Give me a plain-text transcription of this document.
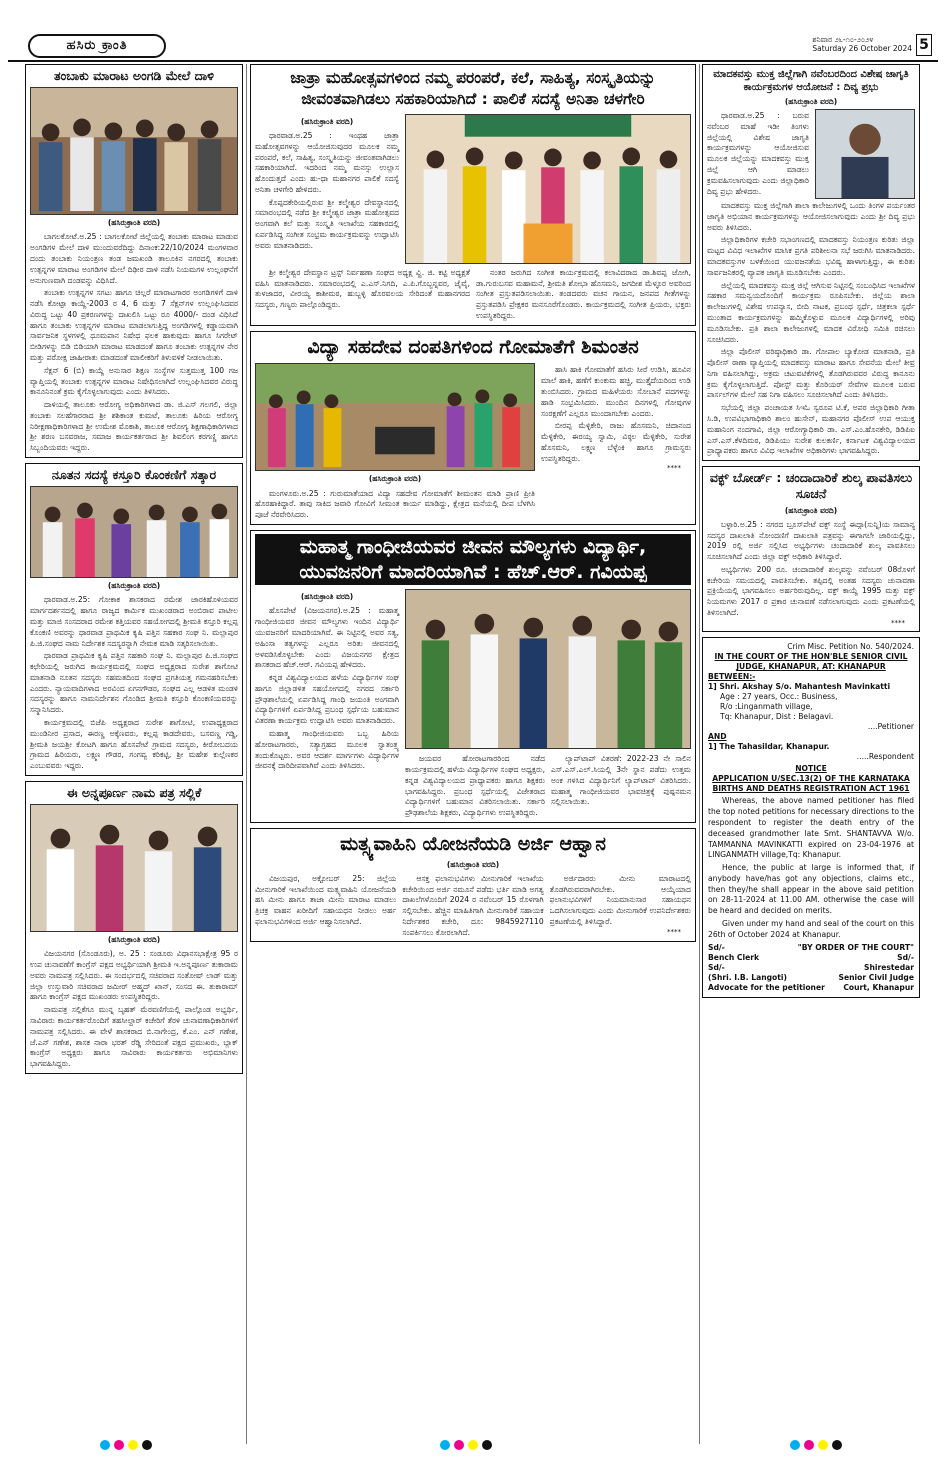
ಹಸಿರು ಕ್ರಾಂತಿ	ಶನಿವಾರ ೨೬-೧೦-೨೦೨೪
Saturday 26 October 2024 5
ತಂಬಾಕು ಮಾರಾಟ ಅಂಗಡಿ ಮೇಲೆ ದಾಳಿ
(ಹಸಿರುಕ್ರಾಂತಿ ವರದಿ)

ಬಾಗಲಕೋಟೆ.ಅ.25 : ಬಾಗಲಕೋಟೆ ಜಿಲ್ಲೆಯಲ್ಲಿ ತಂಬಾಕು ಮಾರಾಟ ಮಾಡುವ ಅಂಗಡಿಗಳ ಮೇಲೆ ದಾಳಿ ಮುಂದುವರೆದಿದ್ದು ದಿನಾಂಕ:22/10/2024 ಮಂಗಳವಾರ ದಂದು ತಂಬಾಕು ನಿಯಂತ್ರಣ ತಂಡ ಜಮಖಂಡಿ ತಾಲೂಕಿನ ನಗರದಲ್ಲಿ ತಂಬಾಕು ಉತ್ಪನ್ನಗಳ ಮಾರಾಟ ಅಂಗಡಿಗಳ ಮೇಲೆ ದಿಢೀರ ದಾಳಿ ನಡೆಸಿ ನಿಯಮಗಳ ಉಲ್ಲಂಘನೆಗೆ ಅನುಗುಣವಾಗಿ ದಂಡವನ್ನು ವಿಧಿಸಿದೆ.

ತಂಬಾಕು ಉತ್ಪನ್ನಗಳ ಸಗಟು ಹಾಗೂ ಚಿಲ್ಲರೆ ಮಾರಾಟಗಾರರ ಅಂಗಡಿಗಳಿಗೆ ದಾಳಿ ನಡೆಸಿ ಕೋಟ್ಪಾ ಕಾಯ್ದೆ-2003 ರ 4, 6 ಮತ್ತು 7 ಸೆಕ್ಷನ್‌ಗಳ ಉಲ್ಲಂಘಿಸಿದವರ ವಿರುದ್ಧ ಒಟ್ಟು 40 ಪ್ರಕರಣಗಳನ್ನು ದಾಖಲಿಸಿ ಒಟ್ಟು ರೂ 4000/- ದಂಡ ವಿಧಿಸಿದೆ ಹಾಗೂ ತಂಬಾಕು ಉತ್ಪನ್ನಗಳ ಮಾರಾಟ ಮಾಡಲಾಗುತ್ತಿದ್ದ ಅಂಗಡಿಗಳಲ್ಲಿ ಕಡ್ಡಾಯವಾಗಿ ಸಾರ್ವಜನಿಕ ಸ್ಥಳಗಳಲ್ಲಿ ಧೂಮಪಾನ ನಿಷೇಧ ಫಲಕ ಹಾಕುವುದು ಹಾಗೂ ಸಿಗರೇಟ್ ಬೀಡಿಗಳನ್ನು ಬಿಡಿ ಬಿಡಿಯಾಗಿ ಮಾರಾಟ ಮಾಡದಂತೆ ಹಾಗೂ ತಂಬಾಕು ಉತ್ಪನ್ನಗಳ ನೇರ ಮತ್ತು ಪರೋಕ್ಷ ಜಾಹೀರಾತು ಮಾಡದಂತೆ ಮಾಲೀಕರಿಗೆ ತಿಳುವಳಿಕೆ ನೀಡಲಾಯಿತು.

ಸೆಕ್ಷನ್ 6 (ಬಿ) ಕಾಯ್ದೆ ಅನುಸಾರ ಶಿಕ್ಷಣ ಸಂಸ್ಥೆಗಳ ಸುತ್ತಮುತ್ತ 100 ಗಜ ವ್ಯಾಪ್ತಿಯಲ್ಲಿ ತಂಬಾಕು ಉತ್ಪನ್ನಗಳ ಮಾರಾಟ ನಿಷೇಧಿಸಲಾಗಿದೆ ಉಲ್ಲಂಘಿಸಿದವರ ವಿರುದ್ಧ ಕಾನೂನಿನಂತೆ ಕ್ರಮ ಕೈಗೊಳ್ಳಲಾಗುವುದು ಎಂದು ತಿಳಿಸಿದರು.

ದಾಳಿಯಲ್ಲಿ ತಾಲೂಕು ಆರೋಗ್ಯ ಅಧಿಕಾರಿಗಳಾದ ಡಾ. ಜಿ.ಎಸ್ ಗಲಗಲಿ, ಜಿಲ್ಲಾ ತಂಬಾಕು ಸಲಹೆಗಾರರಾದ ಶ್ರೀ ಶಶಿಕಾಂತ ಕುಮಟೆ, ತಾಲೂಕು ಹಿರಿಯ ಆರೋಗ್ಯ ನಿರೀಕ್ಷಣಾಧಿಕಾರಿಗಳಾದ ಶ್ರೀ ಉಮೇಶ ಮೊಕಾಶಿ, ತಾಲೂಕ ಆರೋಗ್ಯ ಶಿಕ್ಷಣಾಧಿಕಾರಿಗಳಾದ ಶ್ರೀ ಶರಣ ಬಸವರಾಜ, ಸಮಾಜ ಕಾರ್ಯಕರ್ತರಾದ ಶ್ರೀ ಶಿವಲಿಂಗ ಕರಗಣ್ಣಿ ಹಾಗೂ ಸಿಬ್ಬಂದಿಯವರು ಇದ್ದರು.

ನೂತನ ಸದಸ್ಯೆ ಕಸ್ತೂರಿ ಕೊಂಕಣಿಗೆ ಸತ್ಕಾರ
(ಹಸಿರುಕ್ರಾಂತಿ ವರದಿ)

ಧಾರವಾಡ.ಅ.25: ಗೋಕಾಕ ಶಾಸಕರಾದ ರಮೇಶ ಜಾರಕಿಹೊಳಿಯವರ ಮಾರ್ಗದರ್ಶನದಲ್ಲಿ ಹಾಗೂ ರಾಜ್ಯದ ಕಾರ್ಮಿಕ ಮುಖಂಡರಾದ ಅಂಬಿರಾವ ಪಾಟೀಲ ಮತ್ತು ಮಾಜಿ ಸಂಸದರಾದ ರಮೇಶ ಕತ್ತಿಯವರ ಸಹಯೋಗದಲ್ಲಿ ಶ್ರೀಮತಿ ಕಸ್ತೂರಿ ಕಲ್ಲಪ್ಪ ಕೊಂಕಣಿ ಅವರನ್ನು ಧಾರವಾಡ ಪ್ರಾಥಮಿಕ ಕೃಷಿ ಪತ್ತಿನ ಸಹಕಾರ ಸಂಘ ನಿ. ಮಲ್ಲಾಪುರ ಪಿ.ಜಿ.ಸಂಘದ ನಾಮ ನಿರ್ದೇಶಕ ಸದಸ್ಯರನ್ನಾಗಿ ನೇಮಕ ಮಾಡಿ ಸತ್ಕರಿಸಲಾಯಿತು.

ಧಾರವಾಡ ಪ್ರಾಥಮಿಕ ಕೃಷಿ ಪತ್ತಿನ ಸಹಕಾರಿ ಸಂಘ ನಿ. ಮಲ್ಲಾಪುರ ಪಿ.ಜಿ.ಸಂಘದ ಕಛೇರಿಯಲ್ಲಿ ಜರುಗಿದ ಕಾರ್ಯಕ್ರಮದಲ್ಲಿ ಸಂಘದ ಅಧ್ಯಕ್ಷರಾದ ಸುರೇಶ ಶಾಗೋಟಿ ಮಾತನಾಡಿ ನೂತನ ಸದಸ್ಯರು ಸಹಮತದಿಂದ ಸಂಘದ ಪ್ರಗತಿಯತ್ತ ಗಮನಹರಿಸಬೇಕು ಎಂದರು. ನ್ಯಾಯವಾದಿಗಳಾದ ಅರವಿಂದ ಏಗನಗೌಡರ, ಸಂಘದ ಎಲ್ಲ ಆಡಳಿತ ಮಂಡಳಿ ಸದಸ್ಯರನ್ನು ಹಾಗೂ ನಾಮನಿರ್ದೇಶನ ಗೊಂಡಿದ ಶ್ರೀಮತಿ ಕಸ್ತೂರಿ ಕೊಂಕಣಿಯವರನ್ನು ಸನ್ಮಾನಿಸಿದರು.

ಕಾರ್ಯಕ್ರಮದಲ್ಲಿ ಬಿಜೆಪಿ ಅಧ್ಯಕ್ಷರಾದ ಸುರೇಶ ಶಾಗೋಟಿ, ಉಪಾಧ್ಯಕ್ಷರಾದ ಮುಂಡಿನೀರ ಪ್ರಸಾದ, ಈರಣ್ಣ ಅಕ್ಕೆಣವರು, ಕಲ್ಲಪ್ಪ ಕಾಡದೇವರು, ಬಸವಣ್ಣ ಗಡ್ಡಿ, ಶ್ರೀಮತಿ ಜಯಶ್ರೀ ಕೋಟಗಿ ಹಾಗೂ ಹೊಸಪೇಟೆ ಗ್ರಾಮದ ಸದಸ್ಯರು, ಕೀರೋಬದಯ ಗ್ರಾಮದ ಹಿರಿಯರು, ಲಕ್ಷ್ಮಣ ಗೌಡರ, ಗಂಗವ್ವ ಕರಿಕಟ್ಟಿ, ಶ್ರೀ ಮಹೇಶ ಕುಲ್ಲೆಣಕರ ಎಂಬುವವರು ಇದ್ದರು.

ಈ ಅನ್ನಪೂರ್ಣ ನಾಮ ಪತ್ರ ಸಲ್ಲಿಕೆ
(ಹಸಿರುಕ್ರಾಂತಿ ವರದಿ)

ವಿಜಯನಗರ (ಸೊಂಡೂರು), ಅ. 25 : ಸಂಡೂರು ವಿಧಾನಸಭಾಕ್ಷೇತ್ರ 95 ರ ಉಪ ಚುನಾವಣೆಗೆ ಕಾಂಗ್ರೆಸ್ ಪಕ್ಷದ ಅಭ್ಯರ್ಥಿಯಾಗಿ ಶ್ರೀಮತಿ ಇ.ಅನ್ನಪೂರ್ಣ ತುಕಾರಾಮ ಅವರು ನಾಮಪತ್ರ ಸಲ್ಲಿಸಿದರು. ಈ ಸಂದರ್ಭದಲ್ಲಿ ಸಚಿವರಾದ ಸಂತೋಷ್ ಲಾಡ್ ಮತ್ತು ಜಿಲ್ಲಾ ಉಸ್ತುವಾರಿ ಸಚಿವರಾದ ಜಮೀರ್ ಅಹ್ಮದ್ ಖಾನ್, ಸಂಸದ ಈ. ತುಕಾರಾಮ್ ಹಾಗೂ ಕಾಂಗ್ರೆಸ್ ಪಕ್ಷದ ಮುಖಂಡರು ಉಪಸ್ಥಿತರಿದ್ದರು.

ನಾಮಪತ್ರ ಸಲ್ಲಿಕೆಗೂ ಮುನ್ನ ಬೃಹತ್ ಮೆರವಣಿಗೆಯಲ್ಲಿ ಪಾಲ್ಗೊಂಡ ಅಭ್ಯರ್ಥಿ, ಸಾವಿರಾರು ಕಾರ್ಯಕರ್ತರೊಂದಿಗೆ ತಹಸೀಲ್ದಾರ್ ಕಚೇರಿಗೆ ತೆರಳಿ ಚುನಾವಣಾಧಿಕಾರಿಗಳಿಗೆ ನಾಮಪತ್ರ ಸಲ್ಲಿಸಿದರು. ಈ ವೇಳೆ ಶಾಸಕರಾದ ಬಿ.ನಾಗೇಂದ್ರ, ಕೆ.ಎಂ. ಎನ್ ಗಣೇಶ, ಜೆ.ಎನ್ ಗಣೇಶ, ಶಾಸಕ ನಾರಾ ಭರತ್ ರೆಡ್ಡಿ ಸೇರಿದಂತೆ ಪಕ್ಷದ ಪ್ರಮುಖರು, ಬ್ಲಾಕ್ ಕಾಂಗ್ರೆಸ್ ಅಧ್ಯಕ್ಷರು ಹಾಗೂ ಸಾವಿರಾರು ಕಾರ್ಯಕರ್ತರು ಅಭಿಮಾನಿಗಳು ಭಾಗವಹಿಸಿದ್ದರು.

ಜಾತ್ರಾ ಮಹೋತ್ಸವಗಳಿಂದ ನಮ್ಮ ಪರಂಪರೆ, ಕಲೆ, ಸಾಹಿತ್ಯ, ಸಂಸ್ಕೃತಿಯನ್ನು ಜೀವಂತವಾಗಿಡಲು ಸಹಕಾರಿಯಾಗಿದೆ : ಪಾಲಿಕೆ ಸದಸ್ಯೆ ಅನಿತಾ ಚಳಗೇರಿ
(ಹಸಿರುಕ್ರಾಂತಿ ವರದಿ)

ಧಾರವಾಡ.ಅ.25 : ಇಂಥಹ ಜಾತ್ರಾ ಮಹೋತ್ಸವಗಳನ್ನು ಆಯೋಜಿಸುವುದರ ಮೂಲಕ ನಮ್ಮ ಪರಂಪರೆ, ಕಲೆ, ಸಾಹಿತ್ಯ, ಸಂಸ್ಕೃತಿಯನ್ನು ಜೀವಂತವಾಗಿಡಲು ಸಹಕಾರಿಯಾಗಿದೆ. ಇದರಿಂದ ನಮ್ಮ ಮನಸ್ಸು ಉಲ್ಲಾಸ ಹೊಂದುತ್ತದೆ ಎಂದು ಹು-ಧಾ ಮಹಾನಗರ ಪಾಲಿಕೆ ಸದಸ್ಯೆ ಅನಿತಾ ಚಳಗೇರಿ ಹೇಳಿದರು.

ಕೊಪ್ಪದಕೇರಿಯಲ್ಲಿರುವ ಶ್ರೀ ಕಲ್ಮೇಶ್ವರ ದೇವಸ್ಥಾನದಲ್ಲಿ ಸಮಾರಂಭದಲ್ಲಿ ನಡೆದ ಶ್ರೀ ಕಲ್ಮೇಶ್ವರ ಜಾತ್ರಾ ಮಹೋತ್ಸವದ ಅಂಗವಾಗಿ ಕಲೆ ಮತ್ತು ಸಂಸ್ಕೃತಿ ಇಲಾಖೆಯ ಸಹಕಾರದಲ್ಲಿ ಏರ್ಪಡಿಸಿದ್ದ ಸಂಗೀತ ಸಂಭ್ರಮ ಕಾರ್ಯಕ್ರಮವನ್ನು ಉದ್ಘಾಟಿಸಿ ಅವರು ಮಾತನಾಡಿದರು.

ಶ್ರೀ ಕಲ್ಮೇಶ್ವರ ದೇವಸ್ಥಾನ ಟ್ರಸ್ಟ್ ನಿರ್ವಹಣಾ ಸಂಘದ ಅಧ್ಯಕ್ಷ ವ್ಹಿ. ಜಿ. ಕಟ್ಟಿ ಅಧ್ಯಕ್ಷತೆ ವಹಿಸಿ ಮಾತನಾಡಿದರು. ಸಮಾರಂಭದಲ್ಲಿ ಎ.ಎಸ್.ನಿಗದಿ, ಎ.ಪಿ.ಗೊಬ್ಬನ್ನವರ, ಜೈವೈ, ತುಳಜಾದರ, ವೀರಯ್ಯ ಕಾಶೀಮಠ, ಹುಬ್ಬಳ್ಳಿ ಹೊರವಲಯ ಸೇರಿದಂತೆ ಮಹಾನಗರದ ಸದಸ್ಯರು, ಗಣ್ಯರು ಪಾಲ್ಗೊಂಡಿದ್ದರು.

ನಂತರ ಜರುಗಿದ ಸಂಗೀತ ಕಾರ್ಯಕ್ರಮದಲ್ಲಿ ಕಲಾವಿದರಾದ ಡಾ.ಶಿವಪ್ಪ ಜೋಗಿ, ಡಾ.ಗುರುಬಸವ ಮಹಾಮನೆ, ಶ್ರೀಮತಿ ಶೋಭಾ ಹೊಸಮನಿ, ಜಗದೀಶ ಮೆಳ್ಳೂರ ಅವರಿಂದ ಸಂಗೀತ ಪ್ರಸ್ತುತಪಡಿಸಲಾಯಿತು. ತಂಡದವರು ವಚನ ಗಾಯನ, ಜನಪದ ಗೀತೆಗಳನ್ನು ಪ್ರಸ್ತುತಪಡಿಸಿ ಪ್ರೇಕ್ಷಕರ ಮನಸೂರೆಗೊಂಡರು. ಕಾರ್ಯಕ್ರಮದಲ್ಲಿ ಸಂಗೀತ ಪ್ರಿಯರು, ಭಕ್ತರು ಉಪಸ್ಥಿತರಿದ್ದರು.

ವಿದ್ಯಾ ಸಹದೇವ ದಂಪತಿಗಳಿಂದ ಗೋಮಾತೆಗೆ ಶಿಮಂತನ
(ಹಸಿರುಕ್ರಾಂತಿ ವರದಿ)

ಮಂಗಳೂರು.ಅ.25 : ಗುರುಮಾತೆಯಾದ ವಿದ್ಯಾ ಸಹದೇವ ಗೋಮಾತೆಗೆ ಶೀಮಂತನ ಮಾಡಿ ಪ್ರಾಣಿ ಪ್ರೀತಿ ಹೊರಹಾಕಿದ್ದಾರೆ. ತಾವು ಸಾಕಿದ ಜವಾರಿ ಗೋವಿಗೆ ಸೀಮಂತ ಕಾರ್ಯ ಮಾಡಿದ್ದು, ಕ್ಷೇತ್ರದ ಮನೆಯಲ್ಲಿ ದೀಪ ಬೆಳಗಿಸಿ ಪೂಜೆ ನೆರವೇರಿಸಿದರು.

ಹಾಸಿ ಹಾಕಿ ಗೋಮಾತೆಗೆ ಹಸಿರು ಸೀರೆ ಉಡಿಸಿ, ಹೂವಿನ ಮಾಲೆ ಹಾಕಿ, ಹಣೆಗೆ ಕುಂಕುಮ ಹಚ್ಚಿ, ಮುತ್ತೈದೆಯರಿಂದ ಉಡಿ ತುಂಬಿಸಿದರು. ಗ್ರಾಮದ ಮಹಿಳೆಯರು ಸೋಬಾನೆ ಪದಗಳನ್ನು ಹಾಡಿ ಸಂಭ್ರಮಿಸಿದರು. ಮುಂದಿನ ದಿನಗಳಲ್ಲಿ ಗೋವುಗಳ ಸಂರಕ್ಷಣೆಗೆ ಎಲ್ಲರೂ ಮುಂದಾಗಬೇಕು ಎಂದರು.

ಬೀರಪ್ಪ ಮೆಳ್ಳಿಕೇರಿ, ರಾಜು ಹೊಸಮನಿ, ಚಿದಾನಂದ ಮೆಳ್ಳಿಕೇರಿ, ಈರಯ್ಯ ಸ್ವಾಮಿ, ವಿಠ್ಠಲ ಮೆಳ್ಳಿಕೇರಿ, ಸುರೇಶ ಹೊಸಮನಿ, ಲಕ್ಷ್ಮಣ ಬೆಳ್ಳೆಂಕಿ ಹಾಗೂ ಗ್ರಾಮಸ್ಥರು ಉಪಸ್ಥಿತರಿದ್ದರು.

****
ಮಹಾತ್ಮ ಗಾಂಧೀಜಿಯವರ ಜೀವನ ಮೌಲ್ಯಗಳು ವಿದ್ಯಾರ್ಥಿ, ಯುವಜನರಿಗೆ ಮಾದರಿಯಾಗಿವೆ : ಹೆಚ್.ಆರ್. ಗವಿಯಪ್ಪ
(ಹಸಿರುಕ್ರಾಂತಿ ವರದಿ)

ಹೊಸಪೇಟೆ (ವಿಜಯನಗರ).ಅ.25 : ಮಹಾತ್ಮ ಗಾಂಧೀಜಿಯವರ ಜೀವನ ಮೌಲ್ಯಗಳು ಇಂದಿನ ವಿದ್ಯಾರ್ಥಿ ಯುವಜನರಿಗೆ ಮಾದರಿಯಾಗಿವೆ. ಈ ನಿಟ್ಟಿನಲ್ಲಿ ಅವರ ಸತ್ಯ, ಅಹಿಂಸಾ ತತ್ವಗಳನ್ನು ಎಲ್ಲರೂ ಅರಿತು ಜೀವನದಲ್ಲಿ ಅಳವಡಿಸಿಕೊಳ್ಳಬೇಕು ಎಂದು ವಿಜಯನಗರ ಕ್ಷೇತ್ರದ ಶಾಸಕರಾದ ಹೆಚ್.ಆರ್. ಗವಿಯಪ್ಪ ಹೇಳಿದರು.

ಕನ್ನಡ ವಿಶ್ವವಿದ್ಯಾಲಯದ ಹಳೆಯ ವಿದ್ಯಾರ್ಥಿಗಳ ಸಂಘ ಹಾಗೂ ಜಿಲ್ಲಾಡಳಿತ ಸಹಯೋಗದಲ್ಲಿ ನಗರದ ಸರ್ಕಾರಿ ಪ್ರೌಢಶಾಲೆಯಲ್ಲಿ ಏರ್ಪಡಿಸಿದ್ದ ಗಾಂಧಿ ಜಯಂತಿ ಅಂಗವಾಗಿ ವಿದ್ಯಾರ್ಥಿಗಳಿಗೆ ಏರ್ಪಡಿಸಿದ್ದ ಪ್ರಬಂಧ ಸ್ಪರ್ಧೆಯ ಬಹುಮಾನ ವಿತರಣಾ ಕಾರ್ಯಕ್ರಮ ಉದ್ಘಾಟಿಸಿ ಅವರು ಮಾತನಾಡಿದರು.

ಮಹಾತ್ಮ ಗಾಂಧೀಜಿಯವರು ಒಬ್ಬ ಹಿರಿಯ ಹೋರಾಟಗಾರರು, ಸತ್ಯಾಗ್ರಹದ ಮೂಲಕ ಸ್ವಾತಂತ್ರ್ಯ ತಂದುಕೊಟ್ಟರು. ಅವರ ಆದರ್ಶ ಮಾರ್ಗಗಳು ವಿದ್ಯಾರ್ಥಿಗಳ ಜೀವನಕ್ಕೆ ದಾರಿದೀಪವಾಗಿವೆ ಎಂದು ತಿಳಿಸಿದರು.

ಜಯವರ ಹೋರಾಟಗಾರರಿಂದ ನಡೆದ ಕಾರ್ಯಕ್ರಮದಲ್ಲಿ ಹಳೆಯ ವಿದ್ಯಾರ್ಥಿಗಳ ಸಂಘದ ಅಧ್ಯಕ್ಷರು, ಕನ್ನಡ ವಿಶ್ವವಿದ್ಯಾಲಯದ ಪ್ರಾಧ್ಯಾಪಕರು ಹಾಗೂ ಶಿಕ್ಷಕರು ಭಾಗವಹಿಸಿದ್ದರು. ಪ್ರಬಂಧ ಸ್ಪರ್ಧೆಯಲ್ಲಿ ವಿಜೇತರಾದ ವಿದ್ಯಾರ್ಥಿಗಳಿಗೆ ಬಹುಮಾನ ವಿತರಿಸಲಾಯಿತು. ಸರ್ಕಾರಿ ಪ್ರೌಢಶಾಲೆಯ ಶಿಕ್ಷಕರು, ವಿದ್ಯಾರ್ಥಿಗಳು ಉಪಸ್ಥಿತರಿದ್ದರು.

ಲ್ಯಾಪ್‌ಟಾಪ್ ವಿತರಣೆ: 2022-23 ನೇ ಸಾಲಿನ ಎಸ್.ಎಸ್.ಎಲ್.ಸಿಯಲ್ಲಿ 3ನೇ ಸ್ಥಾನ ಪಡೆದು ಉತ್ತಮ ಅಂಕ ಗಳಿಸಿದ ವಿದ್ಯಾರ್ಥಿನಿಗೆ ಲ್ಯಾಪ್‌ಟಾಪ್ ವಿತರಿಸಿದರು. ಮಹಾತ್ಮ ಗಾಂಧೀಜಿಯವರ ಭಾವಚಿತ್ರಕ್ಕೆ ಪುಷ್ಪನಮನ ಸಲ್ಲಿಸಲಾಯಿತು.

ಮತ್ಸ್ಯವಾಹಿನಿ ಯೋಜನೆಯಡಿ ಅರ್ಜಿ ಆಹ್ವಾನ
(ಹಸಿರುಕ್ರಾಂತಿ ವರದಿ)

ವಿಜಯಪುರ, ಅಕ್ಟೋಬರ್ 25: ಜಿಲ್ಲೆಯ ಮೀನುಗಾರಿಕೆ ಇಲಾಖೆಯಿಂದ ಮತ್ಸ್ಯವಾಹಿನಿ ಯೋಜನೆಯಡಿ ಹಸಿ ಮೀನು ಹಾಗೂ ತಾಜಾ ಮೀನು ಮಾರಾಟ ಮಾಡಲು ತ್ರಿಚಕ್ರ ವಾಹನ ಖರೀದಿಗೆ ಸಹಾಯಧನ ನೀಡಲು ಅರ್ಹ ಫಲಾನುಭವಿಗಳಿಂದ ಅರ್ಜಿ ಆಹ್ವಾನಿಸಲಾಗಿದೆ.

ಆಸಕ್ತ ಫಲಾನುಭವಿಗಳು ಮೀನುಗಾರಿಕೆ ಇಲಾಖೆಯ ಕಚೇರಿಯಿಂದ ಅರ್ಜಿ ನಮೂನೆ ಪಡೆದು ಭರ್ತಿ ಮಾಡಿ ಅಗತ್ಯ ದಾಖಲೆಗಳೊಂದಿಗೆ 2024 ರ ನವೆಂಬರ್ 15 ರೊಳಗಾಗಿ ಸಲ್ಲಿಸಬೇಕು. ಹೆಚ್ಚಿನ ಮಾಹಿತಿಗಾಗಿ ಮೀನುಗಾರಿಕೆ ಸಹಾಯಕ ನಿರ್ದೇಶಕರ ಕಚೇರಿ, ದೂ: 9845927110 ಸಂಪರ್ಕಿಸಲು ಕೋರಲಾಗಿದೆ.

ಅರ್ಜಿದಾರರು ಮೀನು ಮಾರಾಟದಲ್ಲಿ ತೊಡಗಿರುವವರಾಗಿರಬೇಕು. ಆಯ್ಕೆಯಾದ ಫಲಾನುಭವಿಗಳಿಗೆ ನಿಯಮಾನುಸಾರ ಸಹಾಯಧನ ಒದಗಿಸಲಾಗುವುದು ಎಂದು ಮೀನುಗಾರಿಕೆ ಉಪನಿರ್ದೇಶಕರು ಪ್ರಕಟಣೆಯಲ್ಲಿ ತಿಳಿಸಿದ್ದಾರೆ.

****
ಮಾದಕವಸ್ತು ಮುಕ್ತ ಜಿಲ್ಲೆಗಾಗಿ ನವೆಂಬರದಿಂದ ವಿಶೇಷ ಜಾಗೃತಿ ಕಾರ್ಯಕ್ರಮಗಳ ಆಯೋಜನೆ : ದಿವ್ಯ ಪ್ರಭು
(ಹಸಿರುಕ್ರಾಂತಿ ವರದಿ)

ಧಾರವಾಡ.ಅ.25 : ಬರುವ ನವೆಂಬರ ಮಾಹೆ ಇಡೀ ತಿಂಗಳು ಜಿಲ್ಲೆಯಲ್ಲಿ ವಿಶೇಷ ಜಾಗೃತಿ ಕಾರ್ಯಕ್ರಮಗಳನ್ನು ಆಯೋಜಿಸುವ ಮೂಲಕ ಜಿಲ್ಲೆಯನ್ನು ಮಾದಕವಸ್ತು ಮುಕ್ತ ಜಿಲ್ಲೆ ಆಗಿ ಮಾಡಲು ಕ್ರಮವಹಿಸಲಾಗುವುದು ಎಂದು ಜಿಲ್ಲಾಧಿಕಾರಿ ದಿವ್ಯ ಪ್ರಭು ಹೇಳಿದರು.

ಮಾದಕವಸ್ತು ಮುಕ್ತ ಜಿಲ್ಲೆಗಾಗಿ ಶಾಲಾ ಕಾಲೇಜುಗಳಲ್ಲಿ ಒಂದು ತಿಂಗಳ ಪರ್ಯಂತರ ಜಾಗೃತಿ ಅಭಿಯಾನ ಕಾರ್ಯಕ್ರಮಗಳನ್ನು ಆಯೋಜಿಸಲಾಗುವುದು ಎಂದು ಶ್ರೀ ದಿವ್ಯ ಪ್ರಭು ಅವರು ತಿಳಿಸಿದರು.

ಜಿಲ್ಲಾಧಿಕಾರಿಗಳ ಕಚೇರಿ ಸಭಾಂಗಣದಲ್ಲಿ ಮಾದಕವಸ್ತು ನಿಯಂತ್ರಣ ಕುರಿತು ಜಿಲ್ಲಾ ಮಟ್ಟದ ವಿವಿಧ ಇಲಾಖೆಗಳ ಮಾಸಿಕ ಪ್ರಗತಿ ಪರಿಶೀಲನಾ ಸಭೆ ಜರುಗಿಸಿ ಮಾತನಾಡಿದರು. ಮಾದಕವಸ್ತುಗಳ ಬಳಕೆಯಿಂದ ಯುವಜನತೆಯ ಭವಿಷ್ಯ ಹಾಳಾಗುತ್ತಿದ್ದು, ಈ ಕುರಿತು ಸಾರ್ವಜನಿಕರಲ್ಲಿ ವ್ಯಾಪಕ ಜಾಗೃತಿ ಮೂಡಿಸಬೇಕು ಎಂದರು.

ಜಿಲ್ಲೆಯಲ್ಲಿ ಮಾದಕವಸ್ತು ಮುಕ್ತ ಜಿಲ್ಲೆ ಆಗಿಸುವ ನಿಟ್ಟಿನಲ್ಲಿ ಸಂಬಂಧಿಸಿದ ಇಲಾಖೆಗಳ ಸಹಕಾರ ಸಮನ್ವಯದೊಂದಿಗೆ ಕಾರ್ಯಕ್ರಮ ರೂಪಿಸಬೇಕು. ಜಿಲ್ಲೆಯ ಶಾಲಾ ಕಾಲೇಜುಗಳಲ್ಲಿ ವಿಶೇಷ ಉಪನ್ಯಾಸ, ಬೀದಿ ನಾಟಕ, ಪ್ರಬಂಧ ಸ್ಪರ್ಧೆ, ಚಿತ್ರಕಲಾ ಸ್ಪರ್ಧೆ ಮುಂತಾದ ಕಾರ್ಯಕ್ರಮಗಳನ್ನು ಹಮ್ಮಿಕೊಳ್ಳುವ ಮೂಲಕ ವಿದ್ಯಾರ್ಥಿಗಳಲ್ಲಿ ಅರಿವು ಮೂಡಿಸಬೇಕು. ಪ್ರತಿ ಶಾಲಾ ಕಾಲೇಜುಗಳಲ್ಲಿ ಮಾದಕ ವಿರೋಧಿ ಸಮಿತಿ ರಚಿಸಲು ಸೂಚಿಸಿದರು.

ಜಿಲ್ಲಾ ಪೊಲೀಸ್ ವರಿಷ್ಠಾಧಿಕಾರಿ ಡಾ. ಗೋಪಾಲ ಬ್ಯಾಕೋಡ ಮಾತನಾಡಿ, ಪ್ರತಿ ಪೊಲೀಸ್ ಠಾಣಾ ವ್ಯಾಪ್ತಿಯಲ್ಲಿ ಮಾದಕವಸ್ತು ಮಾರಾಟ ಹಾಗೂ ಸೇವನೆಯ ಮೇಲೆ ತೀವ್ರ ನಿಗಾ ವಹಿಸಲಾಗಿದ್ದು, ಅಕ್ರಮ ಚಟುವಟಿಕೆಗಳಲ್ಲಿ ತೊಡಗಿರುವವರ ವಿರುದ್ಧ ಕಾನೂನು ಕ್ರಮ ಕೈಗೊಳ್ಳಲಾಗುತ್ತಿದೆ. ಪೋಸ್ಟ್ ಮತ್ತು ಕೊರಿಯರ್ ಸೇವೆಗಳ ಮೂಲಕ ಬರುವ ಪಾರ್ಸಲ್‌ಗಳ ಮೇಲೆ ಸಹ ನಿಗಾ ವಹಿಸಲು ಸೂಚಿಸಲಾಗಿದೆ ಎಂದು ತಿಳಿಸಿದರು.

ಸಭೆಯಲ್ಲಿ ಜಿಲ್ಲಾ ಪಂಚಾಯತ ಸಿಇಓ ಸ್ವರೂಪ ಟಿ.ಕೆ, ಅಪರ ಜಿಲ್ಲಾಧಿಕಾರಿ ಗೀತಾ ಸಿ.ಡಿ, ಉಪವಿಭಾಗಾಧಿಕಾರಿ ಶಾಲಂ ಹುಸೇನ್, ಮಹಾನಗರ ಪೊಲೀಸ್ ಉಪ ಆಯುಕ್ತ ಮಹಾನಿಂಗ ನಂದಗಾವಿ, ಜಿಲ್ಲಾ ಆರೋಗ್ಯಾಧಿಕಾರಿ ಡಾ. ಎಸ್.ಎಂ.ಹೊನಕೇರಿ, ಡಿಡಿಪಿಐ ಎಸ್.ಎಸ್.ಕೆಳದಿಮಠ, ಡಿಡಿಪಿಯು ಸುರೇಶ ಕುಲಕರ್ಣಿ, ಕರ್ನಾಟಕ ವಿಶ್ವವಿದ್ಯಾಲಯದ ಪ್ರಾಧ್ಯಾಪಕರು ಹಾಗೂ ವಿವಿಧ ಇಲಾಖೆಗಳ ಅಧಿಕಾರಿಗಳು ಭಾಗವಹಿಸಿದ್ದರು.

ವಕ್ಫ್ ಬೋರ್ಡ್ : ಚಂದಾದಾರಿಕೆ ಶುಲ್ಕ ಪಾವತಿಸಲು ಸೂಚನೆ
(ಹಸಿರುಕ್ರಾಂತಿ ವರದಿ)

ಬಳ್ಳಾರಿ.ಅ.25 : ನಗರದ ಬ್ರೂಸ್‌ಪೇಟೆ ವಕ್ಫ್ ಸಂಸ್ಥೆ ಈದ್ಗಾ(ಸುನ್ನಿ)ಯ ಸಾಮಾನ್ಯ ಸದಸ್ಯರ ದಾಖಲಾತಿ ನೋಂದಣಿಗೆ ದಾಖಲಾತಿ ಪತ್ರವನ್ನು ಈಗಾಗಲೇ ಜಾರಿಯಲ್ಲಿದ್ದು, 2019 ರಲ್ಲಿ ಅರ್ಜಿ ಸಲ್ಲಿಸಿದ ಅಭ್ಯರ್ಥಿಗಳು ಚಂದಾದಾರಿಕೆ ಶುಲ್ಕ ಪಾವತಿಸಲು ಸೂಚಿಸಲಾಗಿದೆ ಎಂದು ಜಿಲ್ಲಾ ವಕ್ಫ್ ಅಧಿಕಾರಿ ತಿಳಿಸಿದ್ದಾರೆ.

ಅಭ್ಯರ್ಥಿಗಳು 200 ರೂ. ಚಂದಾದಾರಿಕೆ ಶುಲ್ಕವನ್ನು ನವೆಂಬರ್ 08ರೊಳಗೆ ಕಚೇರಿಯ ಸಮಯದಲ್ಲಿ ಪಾವತಿಸಬೇಕು. ತಪ್ಪಿದಲ್ಲಿ ಅಂತಹ ಸದಸ್ಯರು ಚುನಾವಣಾ ಪ್ರಕ್ರಿಯೆಯಲ್ಲಿ ಭಾಗವಹಿಸಲು ಅರ್ಹರಿರುವುದಿಲ್ಲ. ವಕ್ಫ್ ಕಾಯ್ದೆ 1995 ಮತ್ತು ವಕ್ಫ್ ನಿಯಮಗಳು 2017 ರ ಪ್ರಕಾರ ಚುನಾವಣೆ ನಡೆಸಲಾಗುವುದು ಎಂದು ಪ್ರಕಟಣೆಯಲ್ಲಿ ತಿಳಿಸಲಾಗಿದೆ.

****
Crim Misc. Petition No. 540/2024.
IN THE COURT OF THE HON'BLE SENIOR CIVIL JUDGE, KHANAPUR, AT: KHANAPUR
BETWEEN:-
1] Shri. Akshay S/o. Mahantesh Mavinkatti
Age : 27 years, Occ.: Business,
R/o :Linganmath village,
Tq: Khanapur, Dist : Belagavi.
....Petitioner
AND
1] The Tahasildar, Khanapur.
.....Respondent
NOTICE
APPLICATION U/SEC.13(2) OF THE KARNATAKA BIRTHS AND DEATHS REGISTRATION ACT 1961

Whereas, the above named petitioner has filed the top noted petitions for necessary directions to the respondent to register the death entry of the deceased grandmother late Smt. SHANTAVVA W/o. TAMMANNA MAVINKATTI expired on 23-04-1976 at LINGANMATH village,Tq: Khanapur.

Hence, the public at large is informed that, if anybody have/has got any objections, claims etc., then they/he shall appear in the above said petition on 28-11-2024 at 11.00 AM. otherwise the case will be heard and decided on merits.

Given under my hand and seal of the court on this 26th of October 2024 at Khanapur.

Sd/-	"BY ORDER OF THE COURT"
Bench Clerk	Sd/-
Sd/-	Shirestedar
(Shri. I.B. Langoti)	Senior Civil Judge
Advocate for the petitioner Court, Khanapur
